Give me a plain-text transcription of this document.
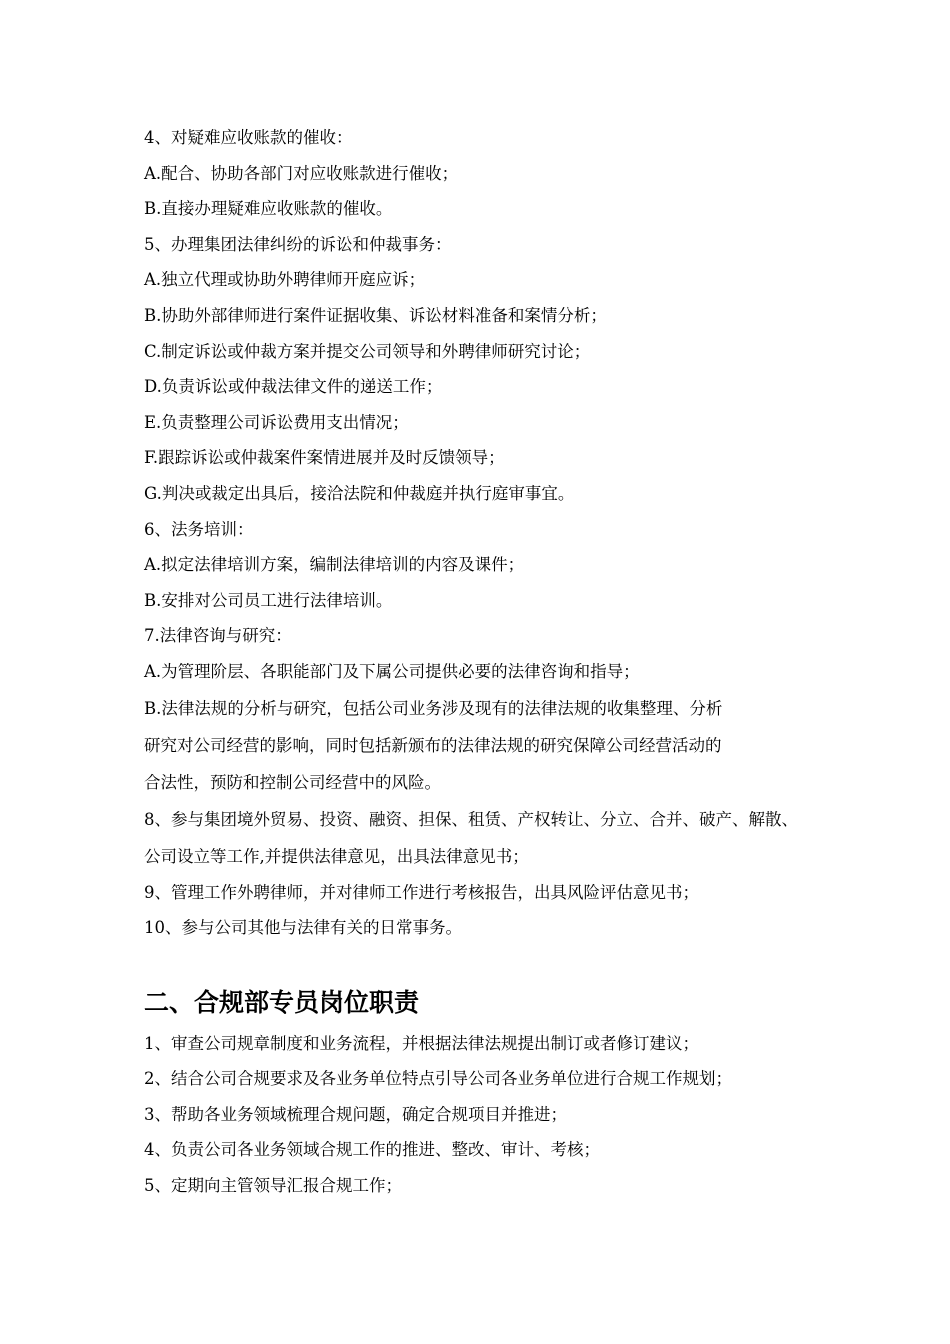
4、对疑难应收账款的催收：

A.配合、协助各部门对应收账款进行催收；

B.直接办理疑难应收账款的催收。

5、办理集团法律纠纷的诉讼和仲裁事务：

A.独立代理或协助外聘律师开庭应诉；

B.协助外部律师进行案件证据收集、诉讼材料准备和案情分析；

C.制定诉讼或仲裁方案并提交公司领导和外聘律师研究讨论；

D.负责诉讼或仲裁法律文件的递送工作；

E.负责整理公司诉讼费用支出情况；

F.跟踪诉讼或仲裁案件案情进展并及时反馈领导；

G.判决或裁定出具后，接洽法院和仲裁庭并执行庭审事宜。

6、法务培训：

A.拟定法律培训方案，编制法律培训的内容及课件；

B.安排对公司员工进行法律培训。

7.法律咨询与研究：

A.为管理阶层、各职能部门及下属公司提供必要的法律咨询和指导；

B.法律法规的分析与研究，包括公司业务涉及现有的法律法规的收集整理、分析

研究对公司经营的影响，同时包括新颁布的法律法规的研究保障公司经营活动的

合法性，预防和控制公司经营中的风险。

8、参与集团境外贸易、投资、融资、担保、租赁、产权转让、分立、合并、破产、解散、

公司设立等工作,并提供法律意见，出具法律意见书；

9、管理工作外聘律师，并对律师工作进行考核报告，出具风险评估意见书；

10、参与公司其他与法律有关的日常事务。

二、合规部专员岗位职责

1、审查公司规章制度和业务流程，并根据法律法规提出制订或者修订建议；

2、结合公司合规要求及各业务单位特点引导公司各业务单位进行合规工作规划；

3、帮助各业务领域梳理合规问题，确定合规项目并推进；

4、负责公司各业务领域合规工作的推进、整改、审计、考核；

5、定期向主管领导汇报合规工作；
